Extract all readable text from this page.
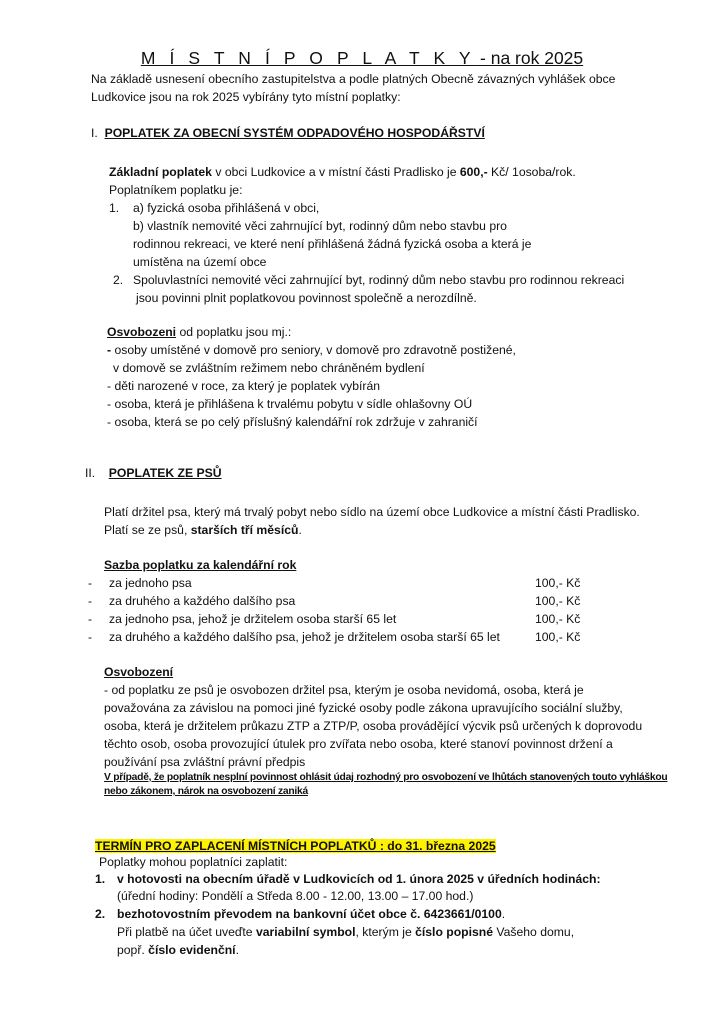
M Í S T N Í P O P L A T K Y - na rok 2025
Na základě usnesení obecního zastupitelstva a podle platných Obecně závazných vyhlášek obce
Ludkovice jsou na rok 2025 vybírány tyto místní poplatky:
I. POPLATEK ZA OBECNÍ SYSTÉM ODPADOVÉHO HOSPODÁŘSTVÍ
Základní poplatek v obci Ludkovice a v místní části Pradlisko je 600,- Kč/ 1osoba/rok.
Poplatníkem poplatku je:
1. a) fyzická osoba přihlášená v obci,
b) vlastník nemovité věci zahrnující byt, rodinný dům nebo stavbu pro
rodinnou rekreaci, ve které není přihlášená žádná fyzická osoba a která je
umístěna na území obce
2. Spoluvlastníci nemovité věci zahrnující byt, rodinný dům nebo stavbu pro rodinnou rekreaci
jsou povinni plnit poplatkovou povinnost společně a nerozdílně.
Osvobozeni od poplatku jsou mj.:
- osoby umístěné v domově pro seniory, v domově pro zdravotně postižené,
v domově se zvláštním režimem nebo chráněném bydlení
- děti narozené v roce, za který je poplatek vybírán
- osoba, která je přihlášena k trvalému pobytu v sídle ohlašovny OÚ
- osoba, která se po celý příslušný kalendářní rok zdržuje v zahraničí
II. POPLATEK ZE PSŮ
Platí držitel psa, který má trvalý pobyt nebo sídlo na území obce Ludkovice a místní části Pradlisko.
Platí se ze psů, starších tří měsíců.
Sazba poplatku za kalendářní rok
- za jednoho psa	100,- Kč
- za druhého a každého dalšího psa	100,- Kč
- za jednoho psa, jehož je držitelem osoba starší 65 let	100,- Kč
- za druhého a každého dalšího psa, jehož je držitelem osoba starší 65 let	100,- Kč
Osvobození
- od poplatku ze psů je osvobozen držitel psa, kterým je osoba nevidomá, osoba, která je
považována za závislou na pomoci jiné fyzické osoby podle zákona upravujícího sociální služby,
osoba, která je držitelem průkazu ZTP a ZTP/P, osoba provádějící výcvik psů určených k doprovodu
těchto osob, osoba provozující útulek pro zvířata nebo osoba, které stanoví povinnost držení a
používání psa zvláštní právní předpis
V případě, že poplatník nesplní povinnost ohlásit údaj rozhodný pro osvobození ve lhůtách stanovených touto vyhláškou
nebo zákonem, nárok na osvobození zaniká
TERMÍN PRO ZAPLACENÍ MÍSTNÍCH POPLATKŮ : do 31. března 2025
Poplatky mohou poplatníci zaplatit:
1. v hotovosti na obecním úřadě v Ludkovicích od 1. února 2025 v úředních hodinách:
(úřední hodiny: Pondělí a Středa 8.00 - 12.00, 13.00 – 17.00 hod.)
2. bezhotovostním převodem na bankovní účet obce č. 6423661/0100.
Při platbě na účet uveďte variabilní symbol, kterým je číslo popisné Vašeho domu,
popř. číslo evidenční.
